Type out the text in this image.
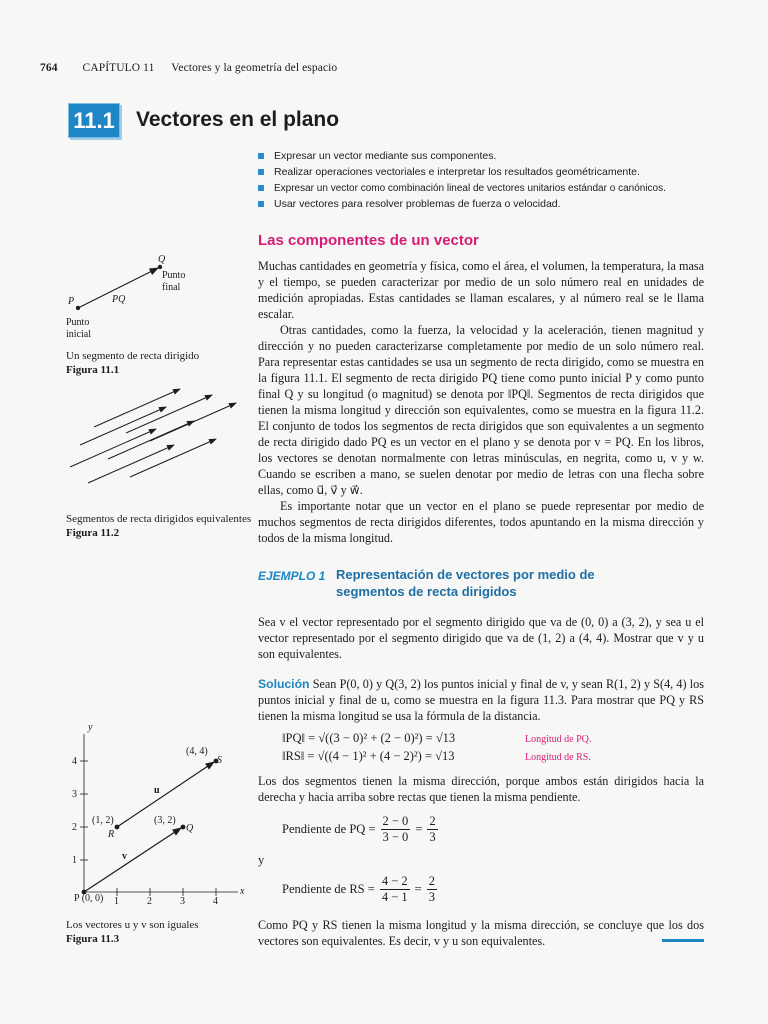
764 CAPÍTULO 11 Vectores y la geometría del espacio
11.1 Vectores en el plano
Expresar un vector mediante sus componentes.
Realizar operaciones vectoriales e interpretar los resultados geométricamente.
Expresar un vector como combinación lineal de vectores unitarios estándar o canónicos.
Usar vectores para resolver problemas de fuerza o velocidad.
Las componentes de un vector

Muchas cantidades en geometría y física, como el área, el volumen, la temperatura, la masa y el tiempo, se pueden caracterizar por medio de un solo número real en unidades de medición apropiadas. Estas cantidades se llaman escalares, y al número real se le llama escalar.

Otras cantidades, como la fuerza, la velocidad y la aceleración, tienen magnitud y dirección y no pueden caracterizarse completamente por medio de un solo número real. Para representar estas cantidades se usa un segmento de recta dirigido, como se muestra en la figura 11.1. El segmento de recta dirigido PQ tiene como punto inicial P y como punto final Q y su longitud (o magnitud) se denota por ‖PQ‖. Segmentos de recta dirigidos que tienen la misma longitud y dirección son equivalentes, como se muestra en la figura 11.2. El conjunto de todos los segmentos de recta dirigidos que son equivalentes a un segmento de recta dirigido dado PQ es un vector en el plano y se denota por v = PQ. En los libros, los vectores se denotan normalmente con letras minúsculas, en negrita, como u, v y w. Cuando se escriben a mano, se suelen denotar por medio de letras con una flecha sobre ellas, como u⃗, v⃗ y w⃗.

Es importante notar que un vector en el plano se puede representar por medio de muchos segmentos de recta dirigidos diferentes, todos apuntando en la misma dirección y todos de la misma longitud.

EJEMPLO 1 Representación de vectores por medio de segmentos de recta dirigidos
Sea v el vector representado por el segmento dirigido que va de (0, 0) a (3, 2), y sea u el vector representado por el segmento dirigido que va de (1, 2) a (4, 4). Mostrar que v y u son equivalentes.
Solución Sean P(0, 0) y Q(3, 2) los puntos inicial y final de v, y sean R(1, 2) y S(4, 4) los puntos inicial y final de u, como se muestra en la figura 11.3. Para mostrar que PQ y RS tienen la misma longitud se usa la fórmula de la distancia.
‖PQ‖ = √((3 − 0)² + (2 − 0)²) = √13	Longitud de PQ.
‖RS‖ = √((4 − 1)² + (4 − 2)²) = √13	Longitud de RS.
Los dos segmentos tienen la misma dirección, porque ambos están dirigidos hacia la derecha y hacia arriba sobre rectas que tienen la misma pendiente.
Pendiente de PQ = $\frac{2 - 0}{3 - 0} = \frac{2}{3}$
y
Pendiente de RS = $\frac{4 - 2}{4 - 1} = \frac{2}{3}$
Como PQ y RS tienen la misma longitud y la misma dirección, se concluye que los dos vectores son equivalentes. Es decir, v y u son equivalentes.
Q
Punto final
P	PQ
Punto inicial
Un segmento de recta dirigido
Figura 11.1
Segmentos de recta dirigidos equivalentes
Figura 11.2
y
x
1
2
3
4
1	2	3	4
P (0, 0)
(3, 2)
Q
(1, 2)
R
(4, 4)
S
u
v
Los vectores u y v son iguales
Figura 11.3
